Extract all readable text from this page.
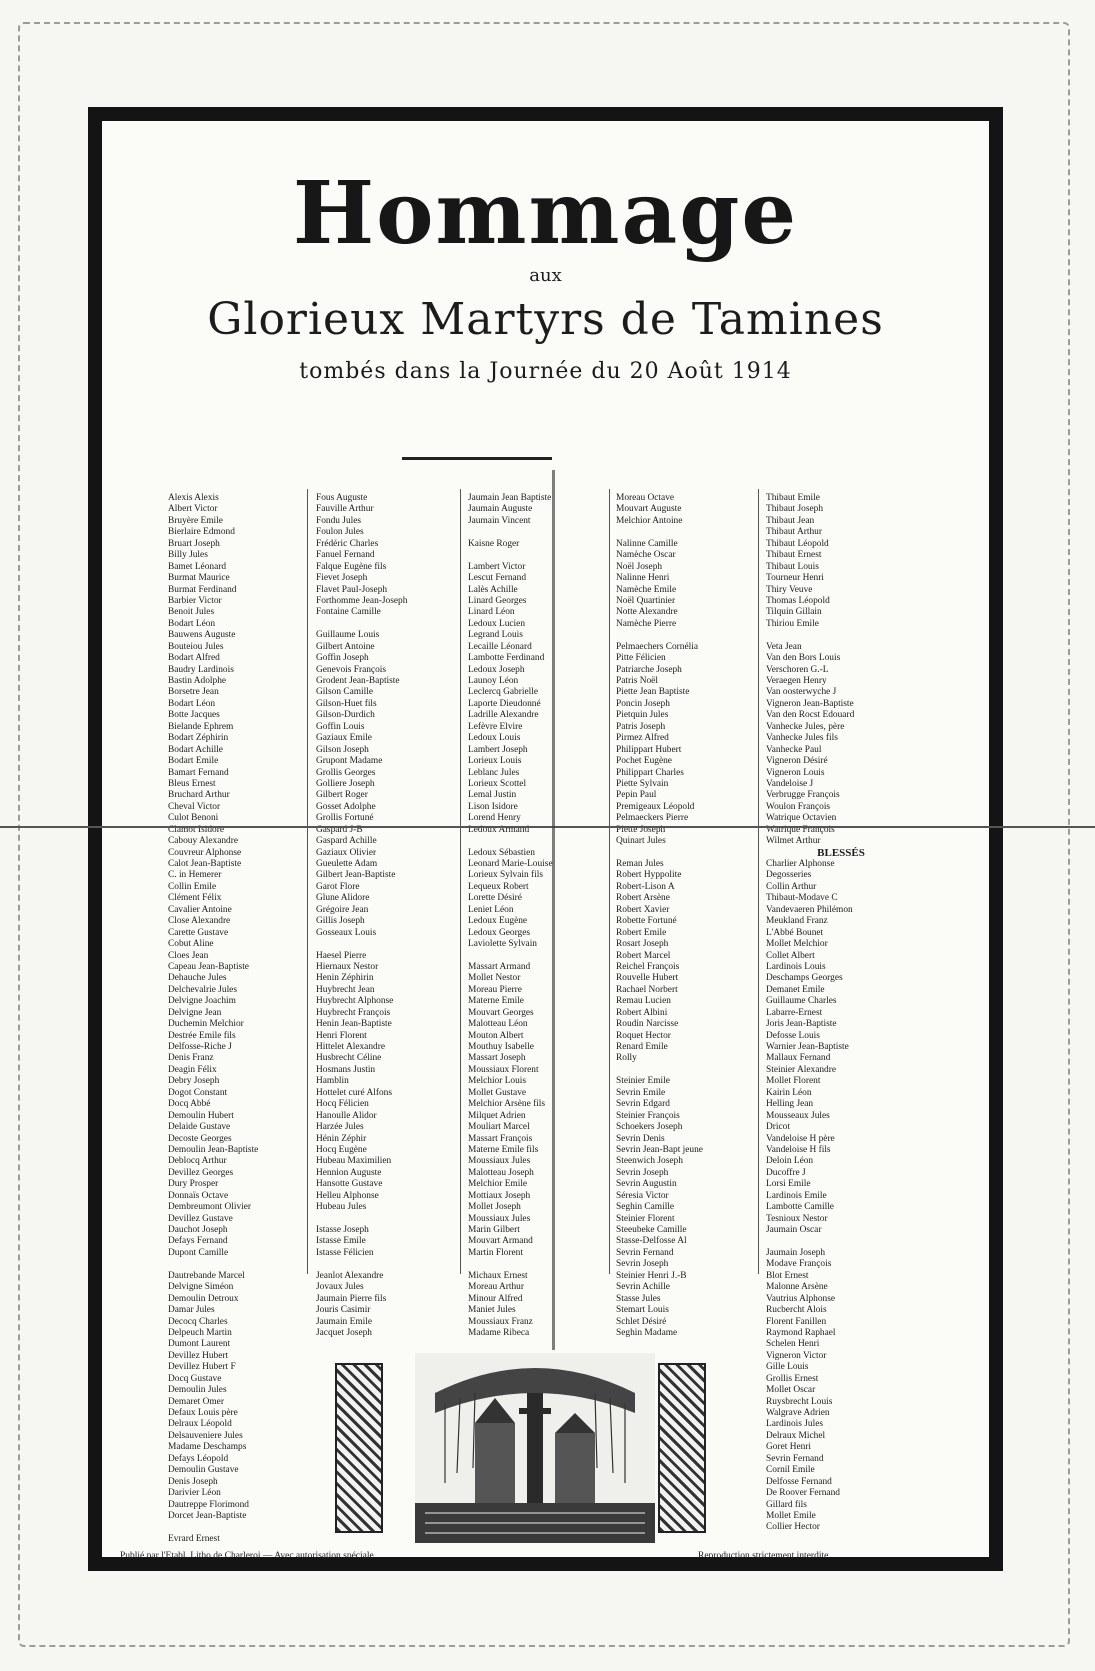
Hommage
aux
Glorieux Martyrs de Tamines
tombés dans la Journée du 20 Août 1914
Alexis Alexis
Albert Victor
Bruyère Emile
Bierlaire Edmond
Bruart Joseph
Billy Jules
Bamet Léonard
Burmat Maurice
Burmat Ferdinand
Barbier Victor
Benoit Jules
Bodart Léon
Bauwens Auguste
Bouteiou Jules
Bodart Alfred
Baudry Lardinois
Bastin Adolphe
Borsetre Jean
Bodart Léon
Botte Jacques
Bielande Ephrem
Bodart Zéphirin
Bodart Achille
Bodart Emile
Bamart Fernand
Bleus Ernest
Bruchard Arthur
Cheval Victor
Culot Benoni
Clamot Isidore
Cabouy Alexandre
Couvreur Alphonse
Calot Jean-Baptiste
C. in Hemerer
Collin Emile
Clément Félix
Cavalier Antoine
Close Alexandre
Carette Gustave
Cobut Aline
Cloes Jean
Capeau Jean-Baptiste
Dehauche Jules
Delchevalrie Jules
Delvigne Joachim
Delvigne Jean
Duchemin Melchior
Destrée Emile fils
Delfosse-Riche J
Denis Franz
Deagin Félix
Debry Joseph
Dogot Constant
Docq Abbé
Demoulin Hubert
Delaide Gustave
Decoste Georges
Demoulin Jean-Baptiste
Deblocq Arthur
Devillez Georges
Dury Prosper
Donnaïs Octave
Dembreumont Olivier
Devillez Gustave
Dauchot Joseph
Defays Fernand
Dupont Camille
Dautrebande Marcel
Delvigne Siméon
Demoulin Detroux
Damar Jules
Decocq Charles
Delpeuch Martin
Dumont Laurent
Devillez Hubert
Devillez Hubert F
Docq Gustave
Demoulin Jules
Demaret Omer
Defaux Louis père
Delraux Léopold
Delsauveniere Jules
Madame Deschamps
Defays Léopold
Demoulin Gustave
Denis Joseph
Darivier Léon
Dautreppe Florimond
Dorcet Jean-Baptiste
Evrard Ernest
Fous Auguste
Fauville Arthur
Fondu Jules
Foulon Jules
Frédéric Charles
Fanuel Fernand
Falque Eugène fils
Fievet Joseph
Flavet Paul-Joseph
Forthomme Jean-Joseph
Fontaine Camille
Guillaume Louis
Gilbert Antoine
Goffin Joseph
Genevois François
Grodent Jean-Baptiste
Gilson Camille
Gilson-Huet fils
Gilson-Durdich
Goffin Louis
Gaziaux Emile
Gilson Joseph
Grupont Madame
Grollis Georges
Golliere Joseph
Gilbert Roger
Gosset Adolphe
Grollis Fortuné
Gaspard J-B
Gaspard Achille
Gaziaux Olivier
Gueulette Adam
Gilbert Jean-Baptiste
Garot Flore
Glune Alidore
Grégoire Jean
Gillis Joseph
Gosseaux Louis
Haesel Pierre
Hiernaux Nestor
Henin Zéphirin
Huybrecht Jean
Huybrecht Alphonse
Huybrecht François
Henin Jean-Baptiste
Henri Florent
Hittelet Alexandre
Husbrecht Céline
Hosmans Justin
Hamblin
Hottelet curé Alfons
Hocq Félicien
Hanoulle Alidor
Harzée Jules
Hénin Zéphir
Hocq Eugène
Hubeau Maximilien
Hennion Auguste
Hansotte Gustave
Helleu Alphonse
Hubeau Jules
Istasse Joseph
Istasse Emile
Istasse Félicien
Jeanlot Alexandre
Jovaux Jules
Jaumain Pierre fils
Jouris Casimir
Jaumain Emile
Jacquet Joseph
Jaumain Jean Baptiste
Jaumain Auguste
Jaumain Vincent
Kaisne Roger
Lambert Victor
Lescut Fernand
Lalès Achille
Linard Georges
Linard Léon
Ledoux Lucien
Legrand Louis
Lecaille Léonard
Lambotte Ferdinand
Ledoux Joseph
Launoy Léon
Leclercq Gabrielle
Laporte Dieudonné
Ladrille Alexandre
Lefèvre Elvire
Ledoux Louis
Lambert Joseph
Lorieux Louis
Leblanc Jules
Lorieux Scottel
Lemal Justin
Lison Isidore
Lorend Henry
Ledoux Armand
Ledoux Sébastien
Leonard Marie-Louise
Lorieux Sylvain fils
Lequeux Robert
Lorette Désiré
Leniet Léon
Ledoux Eugène
Ledoux Georges
Laviolette Sylvain
Massart Armand
Mollet Nestor
Moreau Pierre
Materne Emile
Mouvart Georges
Malotteau Léon
Mouton Albert
Mouthuy Isabelle
Massart Joseph
Moussiaux Florent
Melchior Louis
Mollet Gustave
Melchior Arsène fils
Milquet Adrien
Mouliart Marcel
Massart François
Materne Emile fils
Moussiaux Jules
Malotteau Joseph
Melchior Emile
Mottiaux Joseph
Mollet Joseph
Moussiaux Jules
Marin Gilbert
Mouvart Armand
Martin Florent
Michaux Ernest
Moreau Arthur
Minour Alfred
Maniet Jules
Moussiaux Franz
Madame Ribeca
Moreau Octave
Mouvart Auguste
Melchior Antoine
Nalinne Camille
Namèche Oscar
Noël Joseph
Nalinne Henri
Namèche Emile
Noël Quartinier
Notte Alexandre
Namèche Pierre
Pelmaechers Cornélia
Pitte Félicien
Patriarche Joseph
Patris Noël
Piette Jean Baptiste
Poncin Joseph
Pietquin Jules
Patris Joseph
Pirmez Alfred
Philippart Hubert
Pochet Eugène
Philippart Charles
Piette Sylvain
Pepin Paul
Premigeaux Léopold
Pelmaeckers Pierre
Piette Joseph
Quinart Jules
Reman Jules
Robert Hyppolite
Robert-Lison A
Robert Arsène
Robert Xavier
Robette Fortuné
Robert Emile
Rosart Joseph
Robert Marcel
Reichel François
Rouvelle Hubert
Rachael Norbert
Remau Lucien
Robert Albini
Roudin Narcisse
Roquet Hector
Renard Emile
Rolly
Steinier Emile
Sevrin Emile
Sevrin Edgard
Steinier François
Schoekers Joseph
Sevrin Denis
Sevrin Jean-Bapt jeune
Steenwich Joseph
Sevrin Joseph
Sevrin Augustin
Séresia Victor
Seghin Camille
Steinier Florent
Steeubeke Camille
Stasse-Delfosse Al
Sevrin Fernand
Sevrin Joseph
Steinier Henri J.-B
Sevrin Achille
Stasse Jules
Stemart Louis
Schlet Désiré
Seghin Madame
Thibaut Emile
Thibaut Joseph
Thibaut Jean
Thibaut Arthur
Thibaut Léopold
Thibaut Ernest
Thibaut Louis
Tourneur Henri
Thiry Veuve
Thomas Léopold
Tilquin Gillain
Thiriou Emile
Veta Jean
Van den Bors Louis
Verschoren G.-L
Veraegen Henry
Van oosterwyche J
Vigneron Jean-Baptiste
Van den Rocst Edouard
Vanhecke Jules, père
Vanhecke Jules fils
Vanhecke Paul
Vigneron Désiré
Vigneron Louis
Vandeloise J
Verbrugge François
Woulon François
Watrique Octavien
Watrique François
Wilmet Arthur
BLESSÉS
Charlier Alphonse
Degosseries
Collin Arthur
Thibaut-Modave C
Vandevaeren Philémon
Meukland Franz
L'Abbé Bounet
Mollet Melchior
Collet Albert
Lardinois Louis
Deschamps Georges
Demanet Emile
Guillaume Charles
Labarre-Ernest
Joris Jean-Baptiste
Defosse Louis
Warnier Jean-Baptiste
Mallaux Fernand
Steinier Alexandre
Mollet Florent
Kairin Léon
Helling Jean
Mousseaux Jules
Dricot
Vandeloise H père
Vandeloise H fils
Deloin Léon
Ducoffre J
Lorsi Emile
Lardinois Emile
Lambotte Camille
Tesnioux Nestor
Jaumain Oscar
Jaumain Joseph
Modave François
Blot Ernest
Malonne Arsène
Vautrius Alphonse
Rucbercht Alois
Florent Fanillen
Raymond Raphael
Schelen Henri
Vigneron Victor
Gille Louis
Grollis Ernest
Mollet Oscar
Ruysbrecht Louis
Walgrave Adrien
Lardinois Jules
Delraux Michel
Goret Henri
Sevrin Fernand
Cornil Emile
Delfosse Fernand
De Roover Fernand
Gillard fils
Mollet Emile
Collier Hector
Publié par l'Etabl. Litho de Charleroi — Avec autorisation spéciale	Reproduction strictement interdite
